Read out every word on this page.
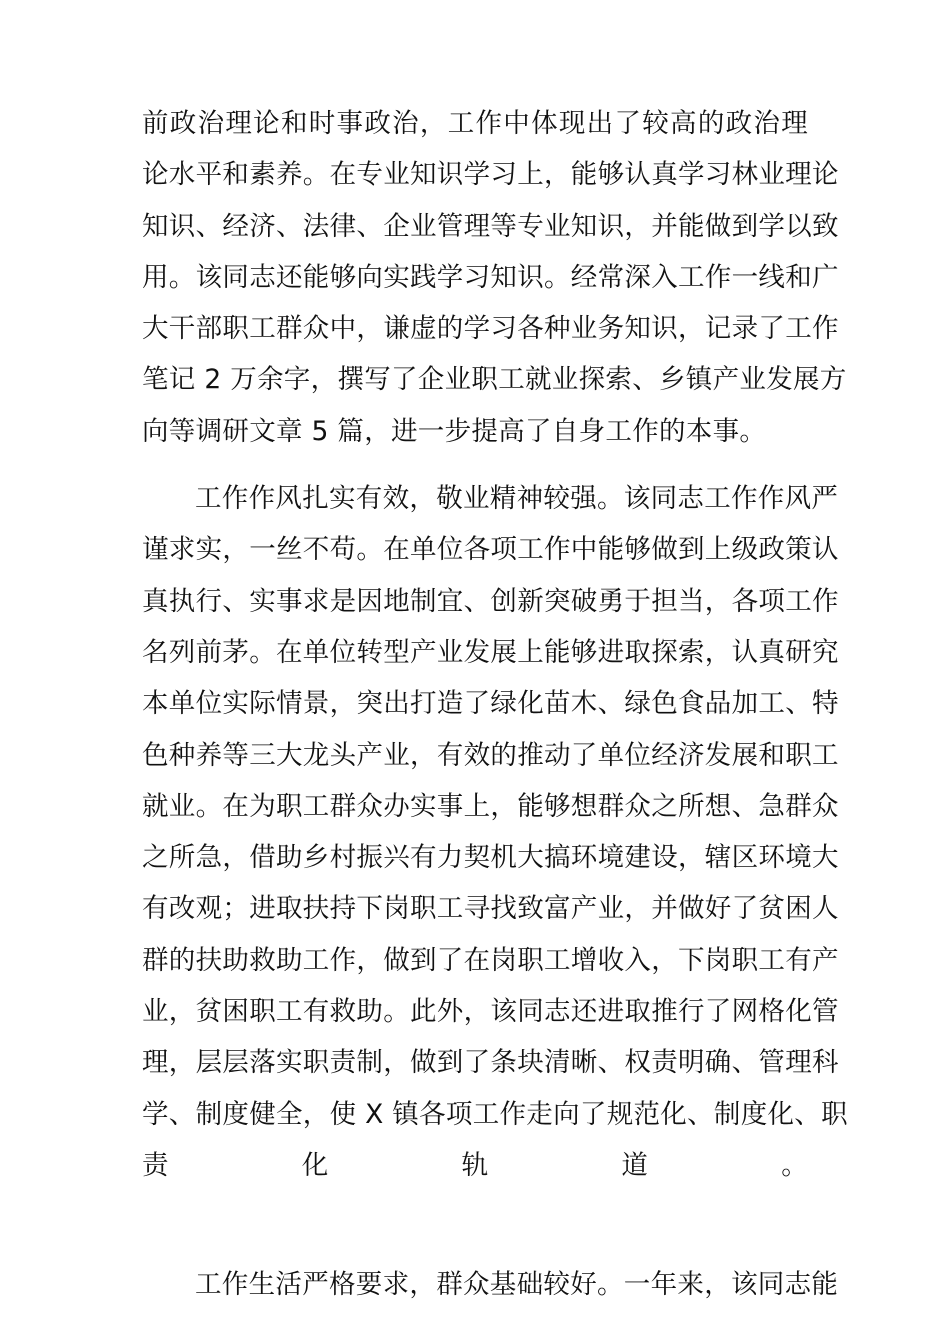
前政治理论和时事政治，工作中体现出了较高的政治理
论水平和素养。在专业知识学习上，能够认真学习林业理论
知识、经济、法律、企业管理等专业知识，并能做到学以致
用。该同志还能够向实践学习知识。经常深入工作一线和广
大干部职工群众中，谦虚的学习各种业务知识，记录了工作
笔记 2 万余字，撰写了企业职工就业探索、乡镇产业发展方
向等调研文章 5 篇，进一步提高了自身工作的本事。
工作作风扎实有效，敬业精神较强。该同志工作作风严
谨求实，一丝不苟。在单位各项工作中能够做到上级政策认
真执行、实事求是因地制宜、创新突破勇于担当，各项工作
名列前茅。在单位转型产业发展上能够进取探索，认真研究
本单位实际情景，突出打造了绿化苗木、绿色食品加工、特
色种养等三大龙头产业，有效的推动了单位经济发展和职工
就业。在为职工群众办实事上，能够想群众之所想、急群众
之所急，借助乡村振兴有力契机大搞环境建设，辖区环境大
有改观；进取扶持下岗职工寻找致富产业，并做好了贫困人
群的扶助救助工作，做到了在岗职工增收入，下岗职工有产
业，贫困职工有救助。此外，该同志还进取推行了网格化管
理，层层落实职责制，做到了条块清晰、权责明确、管理科
学、制度健全，使 X 镇各项工作走向了规范化、制度化、职
责化轨道。
工作生活严格要求，群众基础较好。一年来，该同志能
